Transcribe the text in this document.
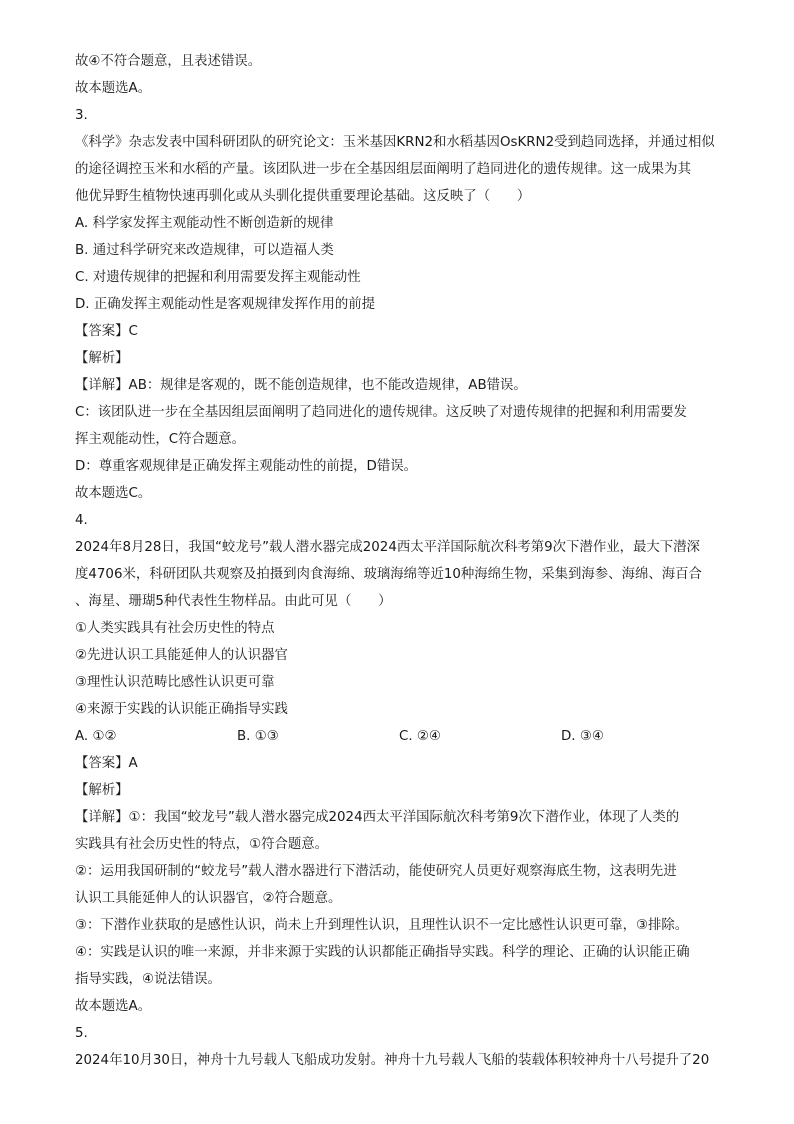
故④不符合题意，且表述错误。
故本题选A。
3.
《科学》杂志发表中国科研团队的研究论文：玉米基因KRN2和水稻基因OsKRN2受到趋同选择，并通过相似
的途径调控玉米和水稻的产量。该团队进一步在全基因组层面阐明了趋同进化的遗传规律。这一成果为其
他优异野生植物快速再驯化或从头驯化提供重要理论基础。这反映了（　　）
A. 科学家发挥主观能动性不断创造新的规律
B. 通过科学研究来改造规律，可以造福人类
C. 对遗传规律的把握和利用需要发挥主观能动性
D. 正确发挥主观能动性是客观规律发挥作用的前提
【答案】C
【解析】
【详解】AB：规律是客观的，既不能创造规律，也不能改造规律，AB错误。
C：该团队进一步在全基因组层面阐明了趋同进化的遗传规律。这反映了对遗传规律的把握和利用需要发
挥主观能动性，C符合题意。
D：尊重客观规律是正确发挥主观能动性的前提，D错误。
故本题选C。
4.
2024年8月28日，我国“蛟龙号”载人潜水器完成2024西太平洋国际航次科考第9次下潜作业，最大下潜深
度4706米，科研团队共观察及拍摄到肉食海绵、玻璃海绵等近10种海绵生物，采集到海参、海绵、海百合
、海星、珊瑚5种代表性生物样品。由此可见（　　）
①人类实践具有社会历史性的特点
②先进认识工具能延伸人的认识器官
③理性认识范畴比感性认识更可靠
④来源于实践的认识能正确指导实践
A. ①②	B. ①③	C. ②④	D. ③④
【答案】A
【解析】
【详解】①：我国“蛟龙号”载人潜水器完成2024西太平洋国际航次科考第9次下潜作业，体现了人类的
实践具有社会历史性的特点，①符合题意。
②：运用我国研制的“蛟龙号”载人潜水器进行下潜活动，能使研究人员更好观察海底生物，这表明先进
认识工具能延伸人的认识器官，②符合题意。
③：下潜作业获取的是感性认识，尚未上升到理性认识，且理性认识不一定比感性认识更可靠，③排除。
④：实践是认识的唯一来源，并非来源于实践的认识都能正确指导实践。科学的理论、正确的认识能正确
指导实践，④说法错误。
故本题选A。
5.
2024年10月30日，神舟十九号载人飞船成功发射。神舟十九号载人飞船的装载体积较神舟十八号提升了20
